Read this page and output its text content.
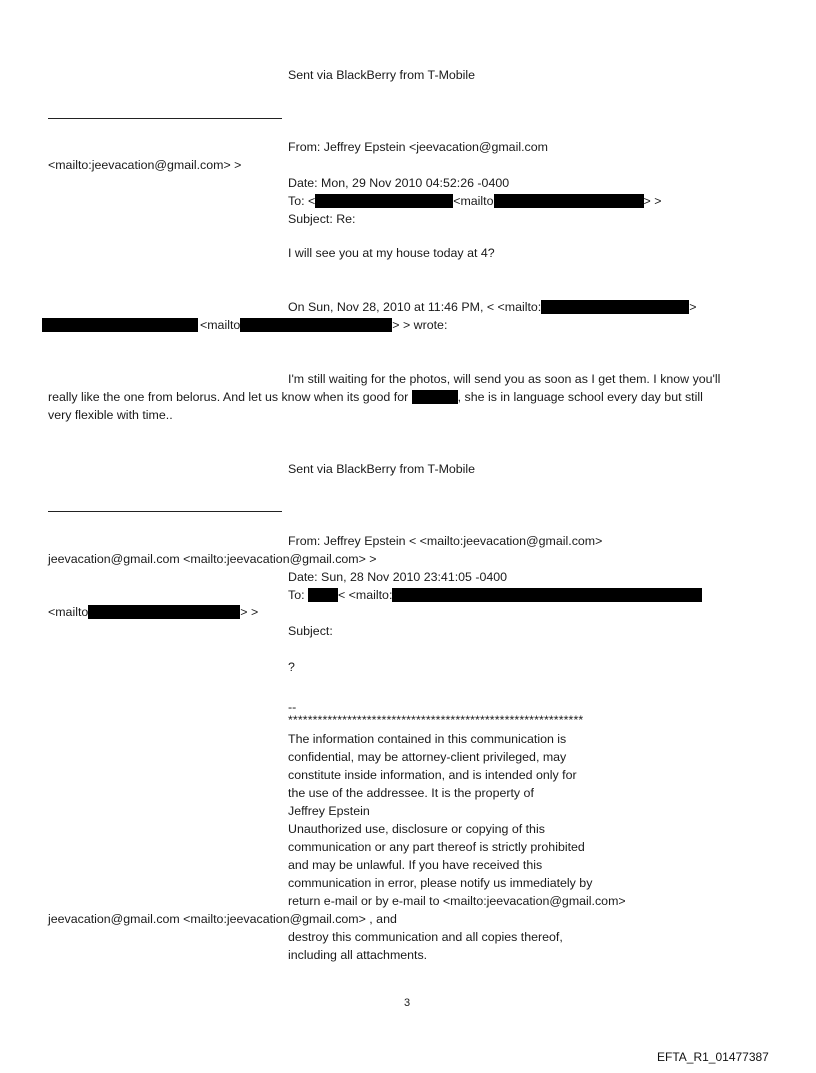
Sent via BlackBerry from T-Mobile
From: Jeffrey Epstein <jeevacation@gmail.com
<mailto:jeevacation@gmail.com> >
Date: Mon, 29 Nov 2010 04:52:26 -0400
To: <	<mailto	> >
Subject: Re:
I will see you at my house today at 4?
On Sun, Nov 28, 2010 at 11:46 PM, < <mailto:	>
<mailto	> > wrote:
I'm still waiting for the photos, will send you as soon as I get them. I know you'll
really like the one from belorus. And let us know when its good for	, she is in language school every day but still
very flexible with time..
Sent via BlackBerry from T-Mobile
From: Jeffrey Epstein < <mailto:jeevacation@gmail.com>
jeevacation@gmail.com <mailto:jeevacation@gmail.com> >
Date: Sun, 28 Nov 2010 23:41:05 -0400
To:	< <mailto:
<mailto	> >
Subject:
?
--
************************************************************
The information contained in this communication is
confidential, may be attorney-client privileged, may
constitute inside information, and is intended only for
the use of the addressee. It is the property of
Jeffrey Epstein
Unauthorized use, disclosure or copying of this
communication or any part thereof is strictly prohibited
and may be unlawful. If you have received this
communication in error, please notify us immediately by
return e-mail or by e-mail to <mailto:jeevacation@gmail.com>
jeevacation@gmail.com <mailto:jeevacation@gmail.com> , and
destroy this communication and all copies thereof,
including all attachments.
3
EFTA_R1_01477387
